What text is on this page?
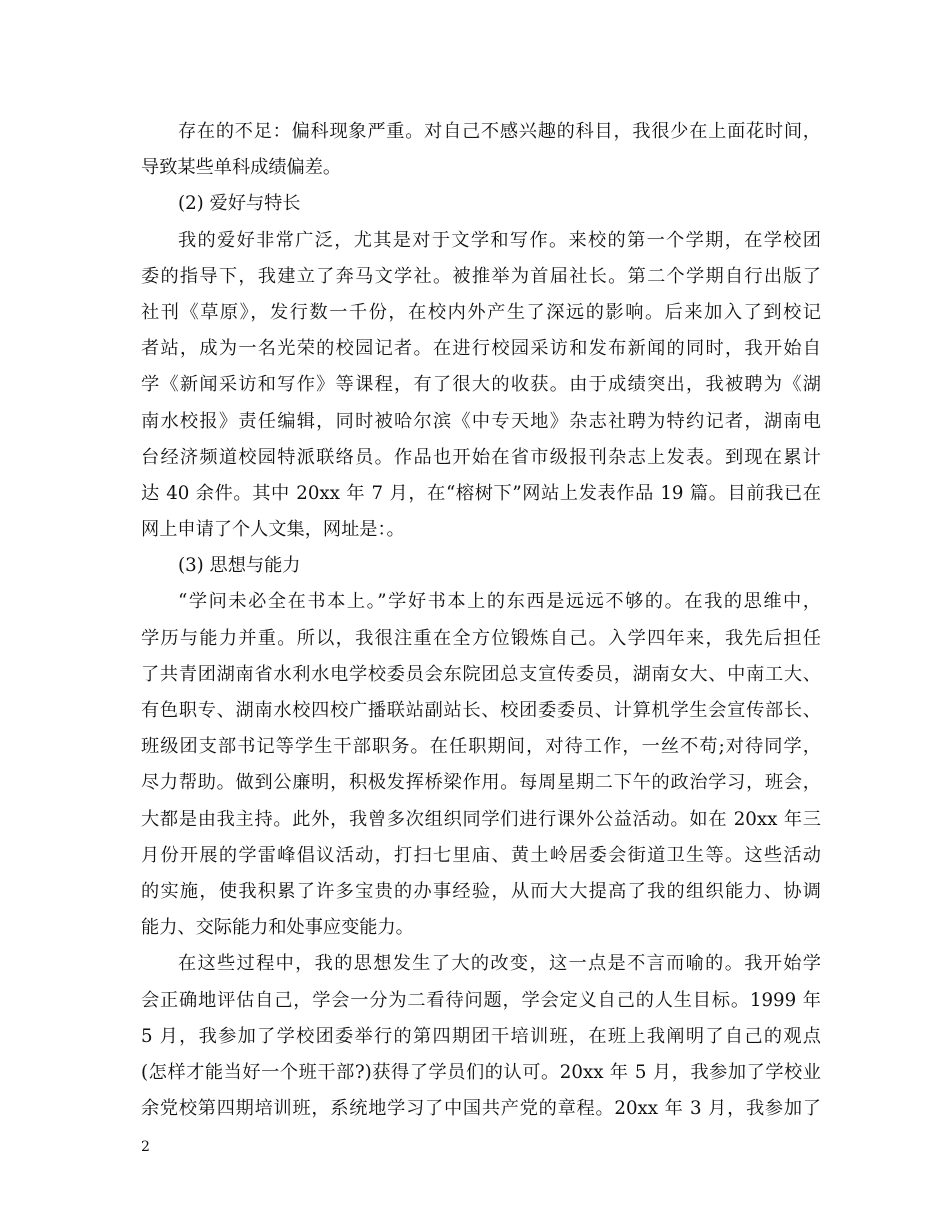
存在的不足：偏科现象严重。对自己不感兴趣的科目，我很少在上面花时间，
导致某些单科成绩偏差。
(2) 爱好与特长
我的爱好非常广泛，尤其是对于文学和写作。来校的第一个学期，在学校团
委的指导下，我建立了奔马文学社。被推举为首届社长。第二个学期自行出版了
社刊《草原》，发行数一千份，在校内外产生了深远的影响。后来加入了到校记
者站，成为一名光荣的校园记者。在进行校园采访和发布新闻的同时，我开始自
学《新闻采访和写作》等课程，有了很大的收获。由于成绩突出，我被聘为《湖
南水校报》责任编辑，同时被哈尔滨《中专天地》杂志社聘为特约记者，湖南电
台经济频道校园特派联络员。作品也开始在省市级报刊杂志上发表。到现在累计
达 40 余件。其中 20xx 年 7 月，在“榕树下”网站上发表作品 19 篇。目前我已在
网上申请了个人文集，网址是：。
(3) 思想与能力
“学问未必全在书本上。”学好书本上的东西是远远不够的。在我的思维中，
学历与能力并重。所以，我很注重在全方位锻炼自己。入学四年来，我先后担任
了共青团湖南省水利水电学校委员会东院团总支宣传委员，湖南女大、中南工大、
有色职专、湖南水校四校广播联站副站长、校团委委员、计算机学生会宣传部长、
班级团支部书记等学生干部职务。在任职期间，对待工作，一丝不苟;对待同学，
尽力帮助。做到公廉明，积极发挥桥梁作用。每周星期二下午的政治学习，班会，
大都是由我主持。此外，我曾多次组织同学们进行课外公益活动。如在 20xx 年三
月份开展的学雷峰倡议活动，打扫七里庙、黄土岭居委会街道卫生等。这些活动
的实施，使我积累了许多宝贵的办事经验，从而大大提高了我的组织能力、协调
能力、交际能力和处事应变能力。
在这些过程中，我的思想发生了大的改变，这一点是不言而喻的。我开始学
会正确地评估自己，学会一分为二看待问题，学会定义自己的人生目标。1999 年
5 月，我参加了学校团委举行的第四期团干培训班，在班上我阐明了自己的观点
(怎样才能当好一个班干部?)获得了学员们的认可。20xx 年 5 月，我参加了学校业
余党校第四期培训班，系统地学习了中国共产党的章程。20xx 年 3 月，我参加了
2
